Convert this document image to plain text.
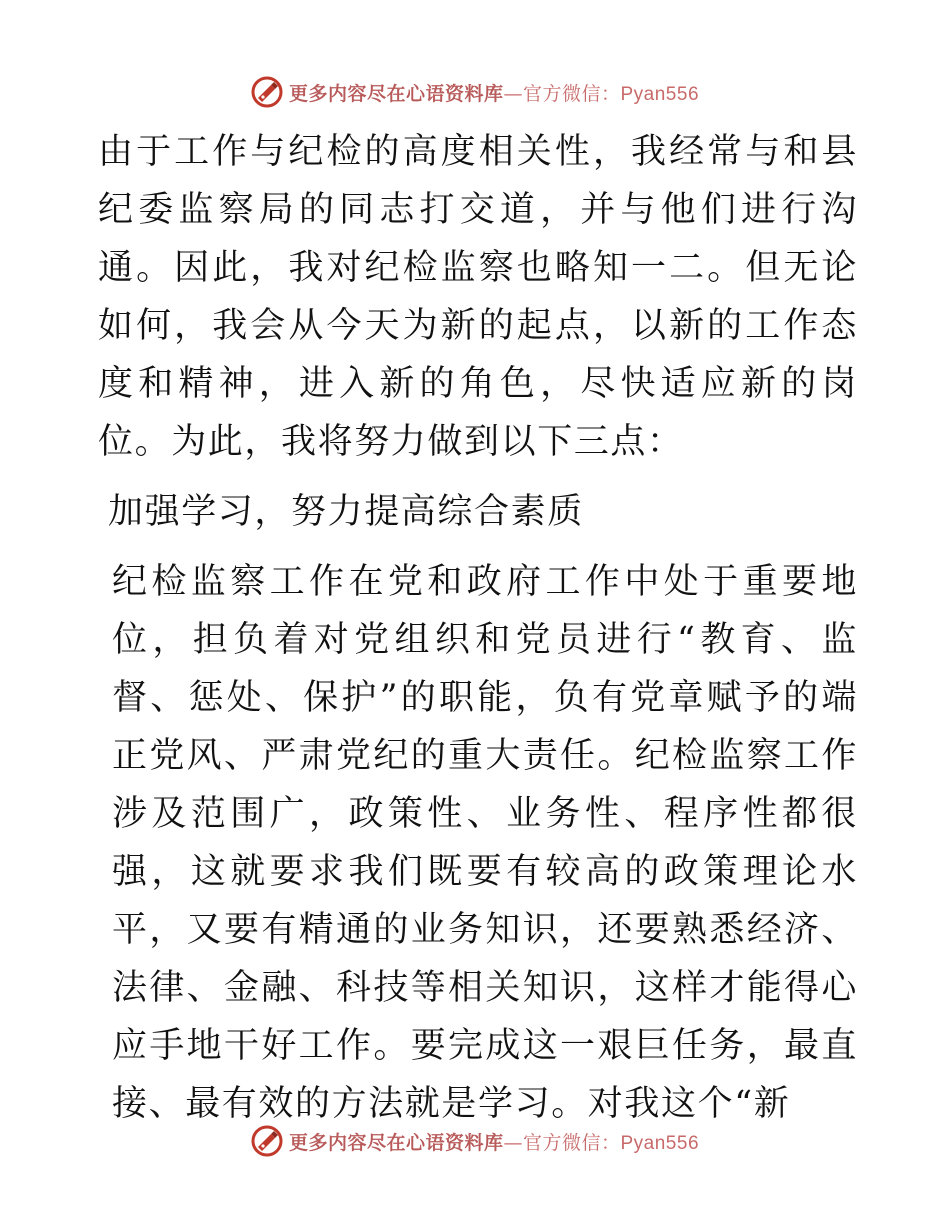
更多内容尽在心语资料库—官方微信：Pyan556

由于工作与纪检的高度相关性，我经常与和县纪委监察局的同志打交道，并与他们进行沟通。因此，我对纪检监察也略知一二。但无论如何，我会从今天为新的起点，以新的工作态度和精神，进入新的角色，尽快适应新的岗位。为此，我将努力做到以下三点：

加强学习，努力提高综合素质

纪检监察工作在党和政府工作中处于重要地位，担负着对党组织和党员进行“教育、监督、惩处、保护”的职能，负有党章赋予的端正党风、严肃党纪的重大责任。纪检监察工作涉及范围广，政策性、业务性、程序性都很强，这就要求我们既要有较高的政策理论水平，又要有精通的业务知识，还要熟悉经济、法律、金融、科技等相关知识，这样才能得心应手地干好工作。要完成这一艰巨任务，最直接、最有效的方法就是学习。对我这个“新

更多内容尽在心语资料库—官方微信：Pyan556
